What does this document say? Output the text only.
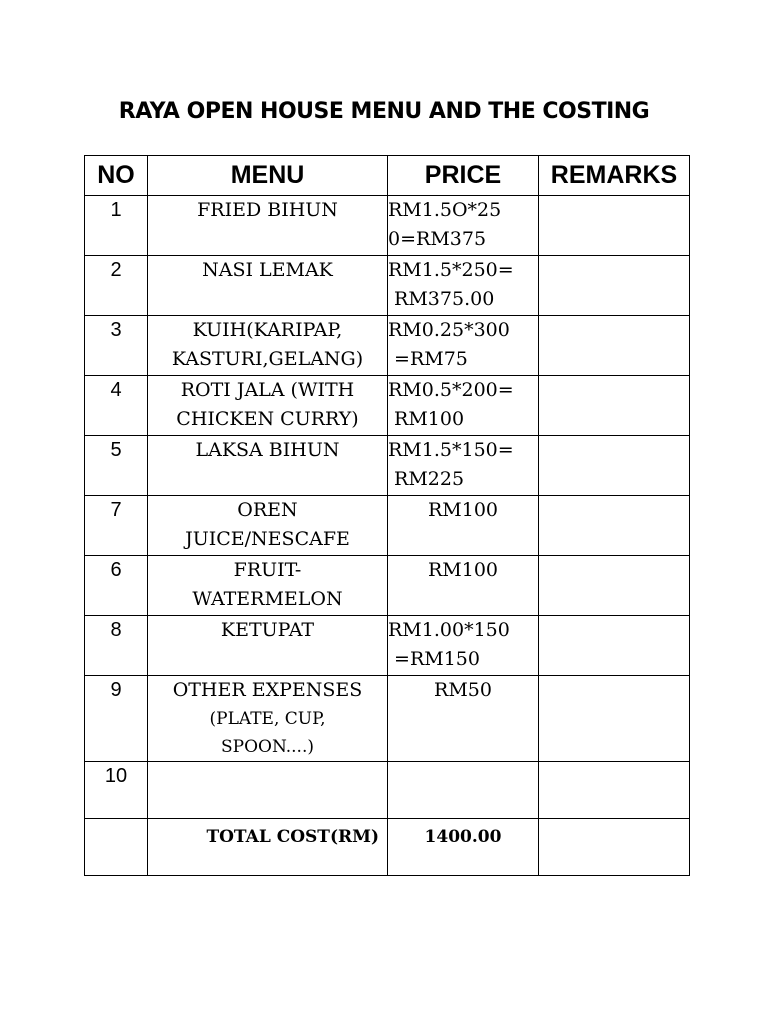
RAYA OPEN HOUSE MENU AND THE COSTING
NO	MENU	PRICE	REMARKS
1	FRIED BIHUN	RM1.5O*25
0=RM375	

2	NASI LEMAK	RM1.5*250=
RM375.00	

3	KUIH(KARIPAP,
KASTURI,GELANG)	RM0.25*300
=RM75	

4	ROTI JALA (WITH
CHICKEN CURRY)	RM0.5*200=
RM100	

5	LAKSA BIHUN	RM1.5*150=
RM225	

7	OREN
JUICE/NESCAFE	RM100	

6	FRUIT-
WATERMELON	RM100	

8	KETUPAT	RM1.00*150
=RM150	

9	OTHER EXPENSES
(PLATE, CUP,
SPOON....)	RM50	
10			
	TOTAL COST(RM)	1400.00	
